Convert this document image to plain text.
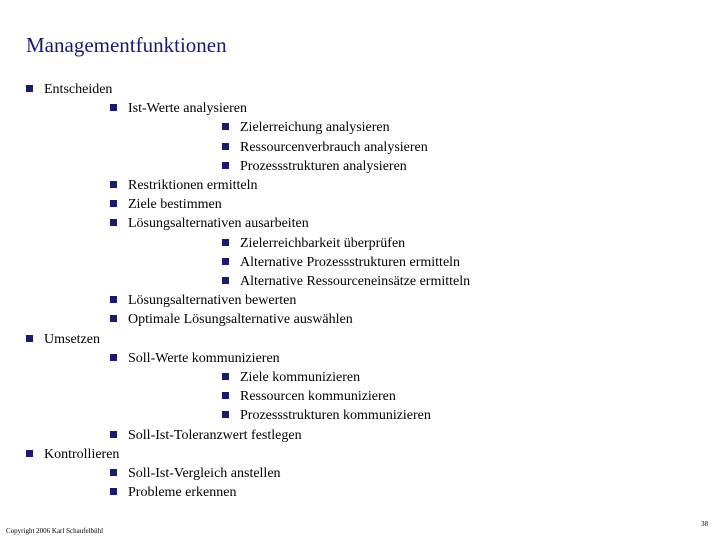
Managementfunktionen
Entscheiden
Ist-Werte analysieren
Zielerreichung analysieren
Ressourcenverbrauch analysieren
Prozessstrukturen analysieren
Restriktionen ermitteln
Ziele bestimmen
Lösungsalternativen ausarbeiten
Zielerreichbarkeit überprüfen
Alternative Prozessstrukturen ermitteln
Alternative Ressourceneinsätze ermitteln
Lösungsalternativen bewerten
Optimale Lösungsalternative auswählen
Umsetzen
Soll-Werte kommunizieren
Ziele kommunizieren
Ressourcen kommunizieren
Prozessstrukturen kommunizieren
Soll-Ist-Toleranzwert festlegen
Kontrollieren
Soll-Ist-Vergleich anstellen
Probleme erkennen
Copyright 2006 Karl Schaufelbühl
38
